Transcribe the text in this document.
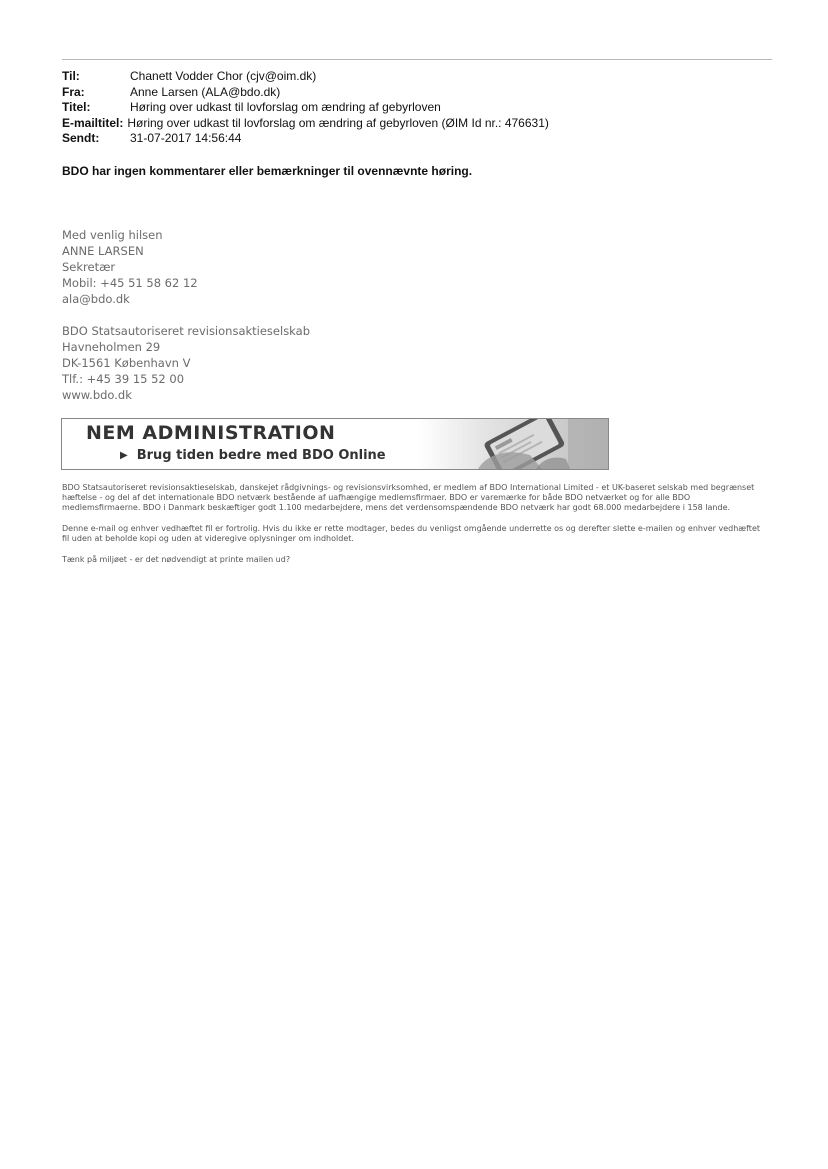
Til:	Chanett Vodder Chor (cjv@oim.dk)
Fra:	Anne Larsen (ALA@bdo.dk)
Titel:	Høring over udkast til lovforslag om ændring af gebyrloven
E-mailtitel: Høring over udkast til lovforslag om ændring af gebyrloven (ØIM Id nr.: 476631)
Sendt:	31-07-2017 14:56:44
BDO har ingen kommentarer eller bemærkninger til ovennævnte høring.
Med venlig hilsen
ANNE LARSEN
Sekretær
Mobil: +45 51 58 62 12
ala@bdo.dk
BDO Statsautoriseret revisionsaktieselskab
Havneholmen 29
DK-1561 København V
Tlf.: +45 39 15 52 00
www.bdo.dk
NEM ADMINISTRATION
▶ Brug tiden bedre med BDO Online

BDO Statsautoriseret revisionsaktieselskab, danskejet rådgivnings- og revisionsvirksomhed, er medlem af BDO International Limited - et UK-baseret selskab med begrænset hæftelse - og del af det internationale BDO netværk bestående af uafhængige medlemsfirmaer. BDO er varemærke for både BDO netværket og for alle BDO medlemsfirmaerne. BDO i Danmark beskæftiger godt 1.100 medarbejdere, mens det verdensomspændende BDO netværk har godt 68.000 medarbejdere i 158 lande.

Denne e-mail og enhver vedhæftet fil er fortrolig. Hvis du ikke er rette modtager, bedes du venligst omgående underrette os og derefter slette e-mailen og enhver vedhæftet fil uden at beholde kopi og uden at videregive oplysninger om indholdet.

Tænk på miljøet - er det nødvendigt at printe mailen ud?
